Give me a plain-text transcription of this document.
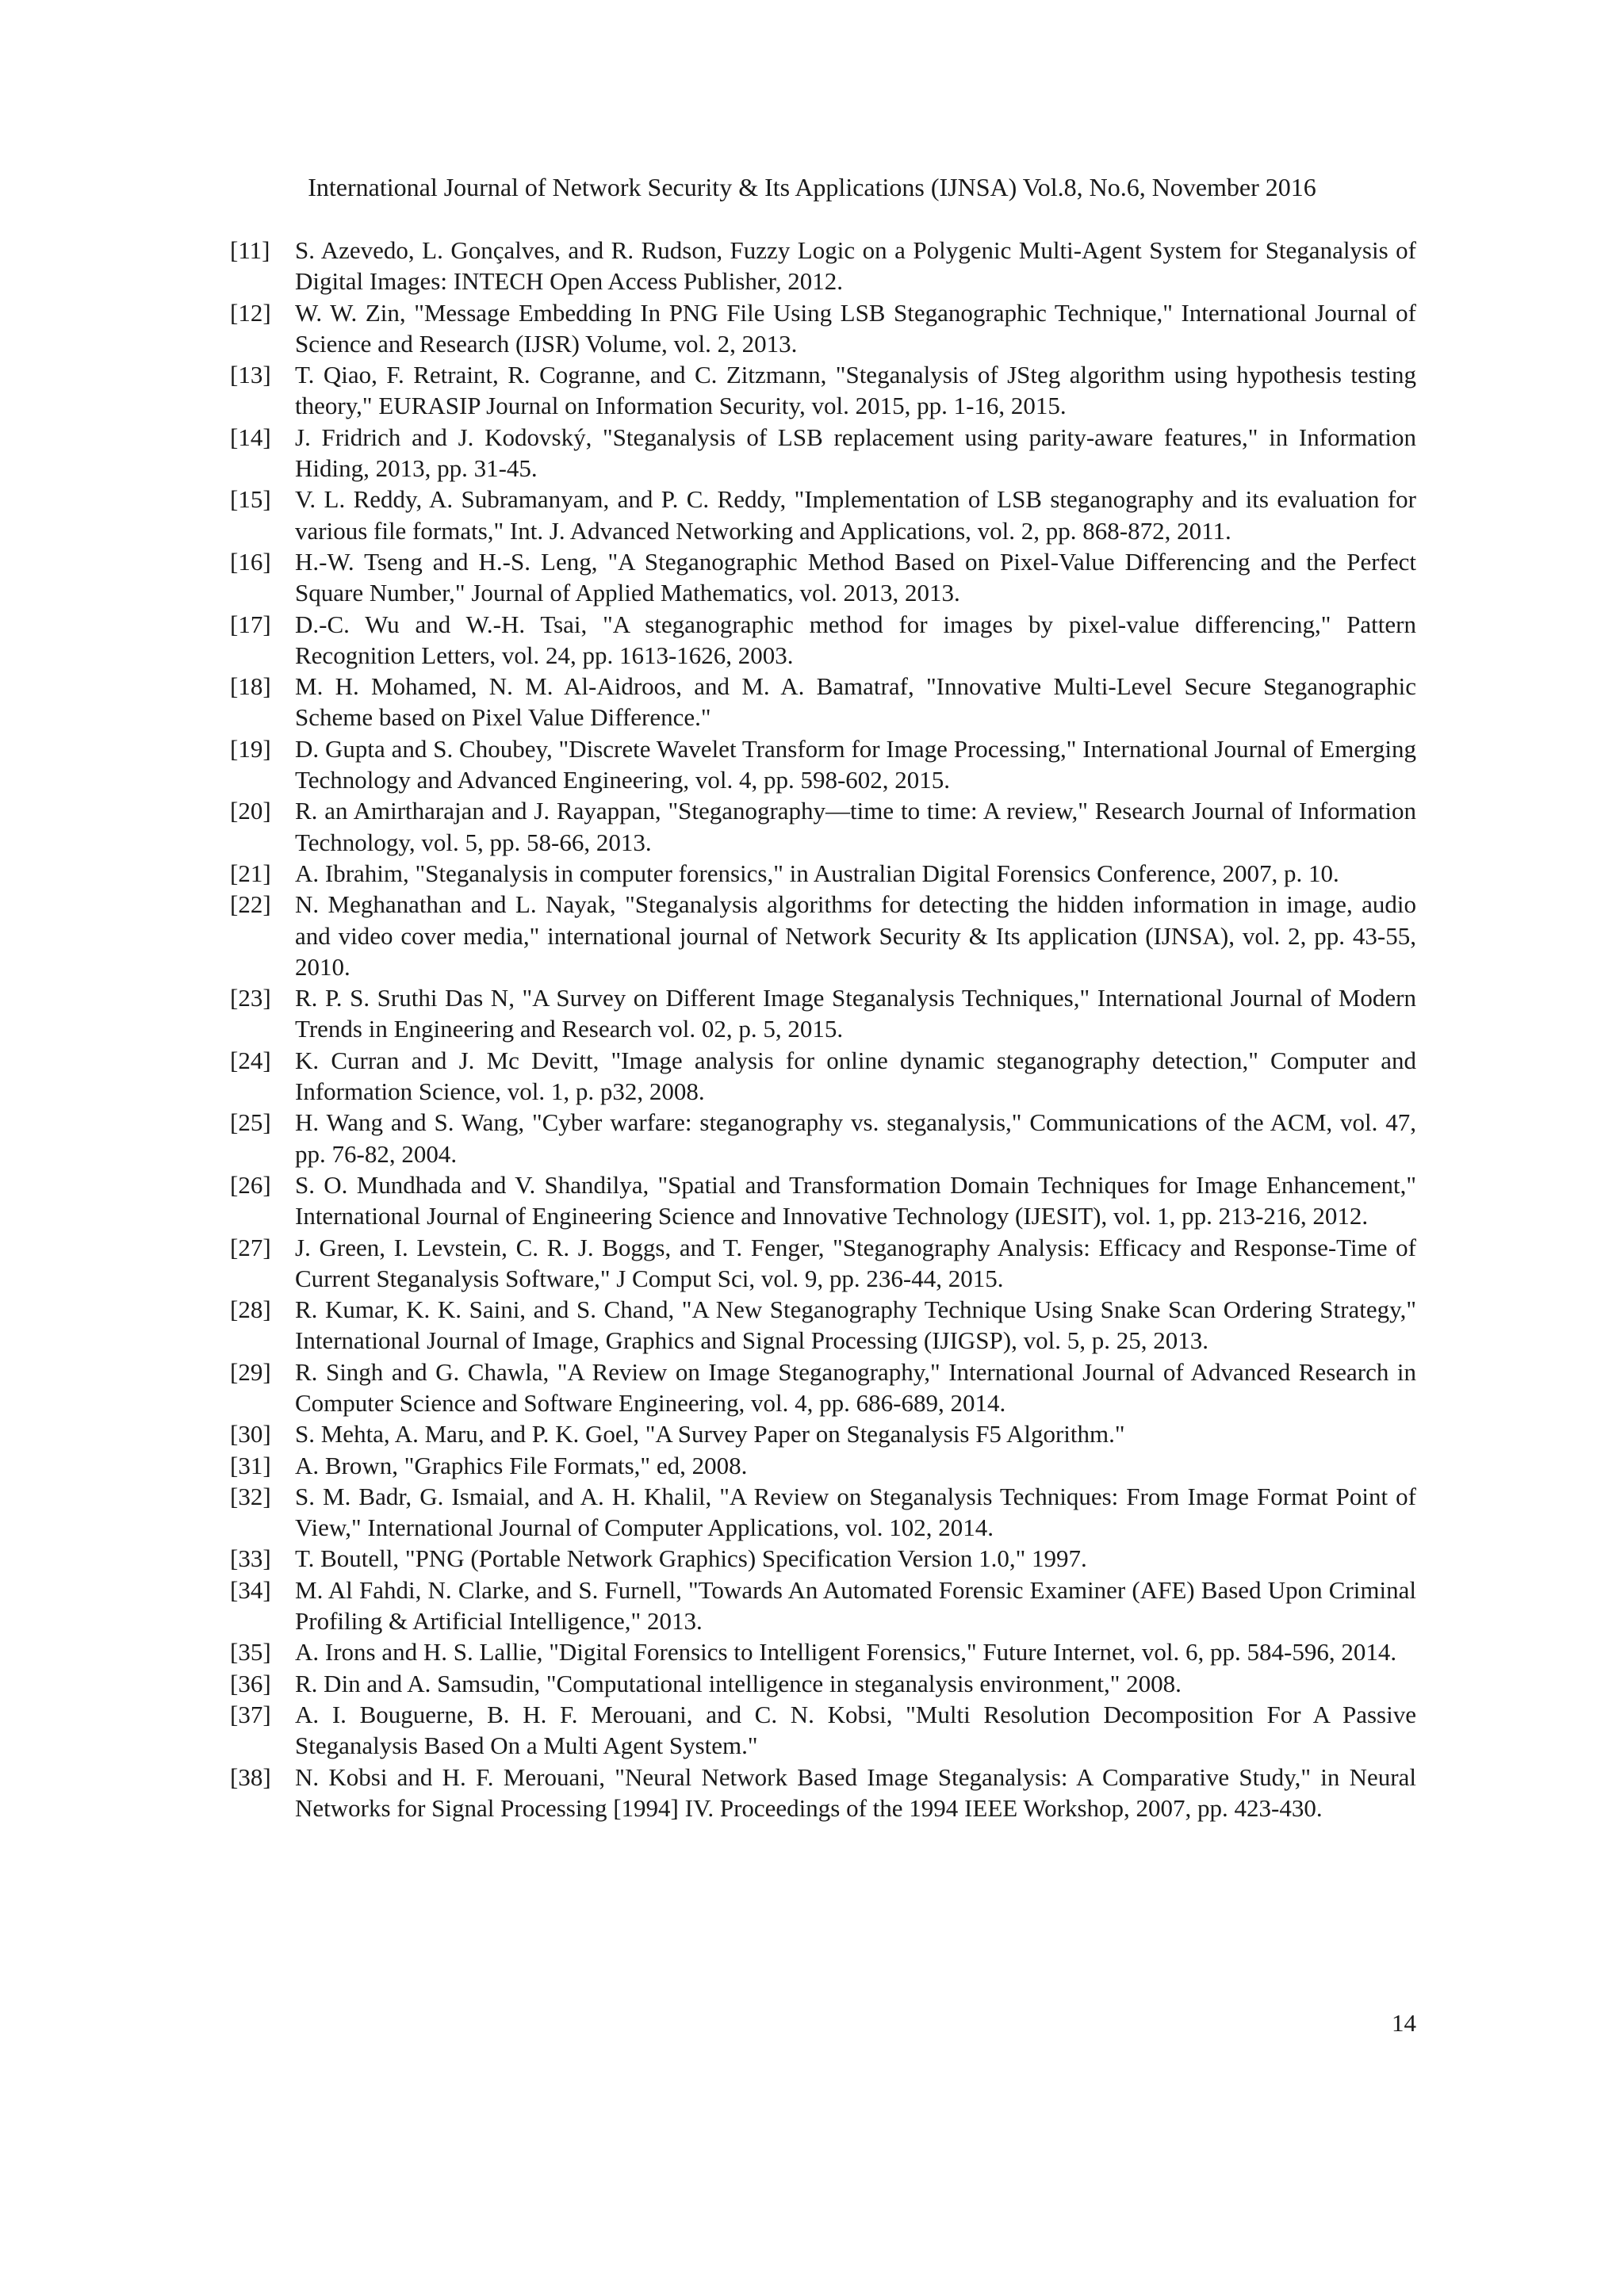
International Journal of Network Security & Its Applications (IJNSA) Vol.8, No.6, November 2016
[11]	S. Azevedo, L. Gonçalves, and R. Rudson, Fuzzy Logic on a Polygenic Multi-Agent System for Steganalysis of Digital Images: INTECH Open Access Publisher, 2012.
[12] W. W. Zin, "Message Embedding In PNG File Using LSB Steganographic Technique," International Journal of Science and Research (IJSR) Volume, vol. 2, 2013.
[13] T. Qiao, F. Retraint, R. Cogranne, and C. Zitzmann, "Steganalysis of JSteg algorithm using hypothesis testing theory," EURASIP Journal on Information Security, vol. 2015, pp. 1-16, 2015.
[14] J. Fridrich and J. Kodovský, "Steganalysis of LSB replacement using parity-aware features," in Information Hiding, 2013, pp. 31-45.
[15] V. L. Reddy, A. Subramanyam, and P. C. Reddy, "Implementation of LSB steganography and its evaluation for various file formats," Int. J. Advanced Networking and Applications, vol. 2, pp. 868-872, 2011.
[16] H.-W. Tseng and H.-S. Leng, "A Steganographic Method Based on Pixel-Value Differencing and the Perfect Square Number," Journal of Applied Mathematics, vol. 2013, 2013.
[17] D.-C. Wu and W.-H. Tsai, "A steganographic method for images by pixel-value differencing," Pattern Recognition Letters, vol. 24, pp. 1613-1626, 2003.
[18] M. H. Mohamed, N. M. Al-Aidroos, and M. A. Bamatraf, "Innovative Multi-Level Secure Steganographic Scheme based on Pixel Value Difference."
[19] D. Gupta and S. Choubey, "Discrete Wavelet Transform for Image Processing," International Journal of Emerging Technology and Advanced Engineering, vol. 4, pp. 598-602, 2015.
[20] R. an Amirtharajan and J. Rayappan, "Steganography—time to time: A review," Research Journal of Information Technology, vol. 5, pp. 58-66, 2013.
[21] A. Ibrahim, "Steganalysis in computer forensics," in Australian Digital Forensics Conference, 2007, p. 10.
[22] N. Meghanathan and L. Nayak, "Steganalysis algorithms for detecting the hidden information in image, audio and video cover media," international journal of Network Security & Its application (IJNSA), vol. 2, pp. 43-55, 2010.
[23] R. P. S. Sruthi Das N, "A Survey on Different Image Steganalysis Techniques," International Journal of Modern Trends in Engineering and Research vol. 02, p. 5, 2015.
[24] K. Curran and J. Mc Devitt, "Image analysis for online dynamic steganography detection," Computer and Information Science, vol. 1, p. p32, 2008.
[25] H. Wang and S. Wang, "Cyber warfare: steganography vs. steganalysis," Communications of the ACM, vol. 47, pp. 76-82, 2004.
[26] S. O. Mundhada and V. Shandilya, "Spatial and Transformation Domain Techniques for Image Enhancement," International Journal of Engineering Science and Innovative Technology (IJESIT), vol. 1, pp. 213-216, 2012.
[27] J. Green, I. Levstein, C. R. J. Boggs, and T. Fenger, "Steganography Analysis: Efficacy and Response-Time of Current Steganalysis Software," J Comput Sci, vol. 9, pp. 236-44, 2015.
[28] R. Kumar, K. K. Saini, and S. Chand, "A New Steganography Technique Using Snake Scan Ordering Strategy," International Journal of Image, Graphics and Signal Processing (IJIGSP), vol. 5, p. 25, 2013.
[29] R. Singh and G. Chawla, "A Review on Image Steganography," International Journal of Advanced Research in Computer Science and Software Engineering, vol. 4, pp. 686-689, 2014.
[30] S. Mehta, A. Maru, and P. K. Goel, "A Survey Paper on Steganalysis F5 Algorithm."
[31] A. Brown, "Graphics File Formats," ed, 2008.
[32] S. M. Badr, G. Ismaial, and A. H. Khalil, "A Review on Steganalysis Techniques: From Image Format Point of View," International Journal of Computer Applications, vol. 102, 2014.
[33] T. Boutell, "PNG (Portable Network Graphics) Specification Version 1.0," 1997.
[34] M. Al Fahdi, N. Clarke, and S. Furnell, "Towards An Automated Forensic Examiner (AFE) Based Upon Criminal Profiling & Artificial Intelligence," 2013.
[35] A. Irons and H. S. Lallie, "Digital Forensics to Intelligent Forensics," Future Internet, vol. 6, pp. 584-596, 2014.
[36] R. Din and A. Samsudin, "Computational intelligence in steganalysis environment," 2008.
[37] A. I. Bouguerne, B. H. F. Merouani, and C. N. Kobsi, "Multi Resolution Decomposition For A Passive Steganalysis Based On a Multi Agent System."
[38] N. Kobsi and H. F. Merouani, "Neural Network Based Image Steganalysis: A Comparative Study," in Neural Networks for Signal Processing [1994] IV. Proceedings of the 1994 IEEE Workshop, 2007, pp. 423-430.
14
